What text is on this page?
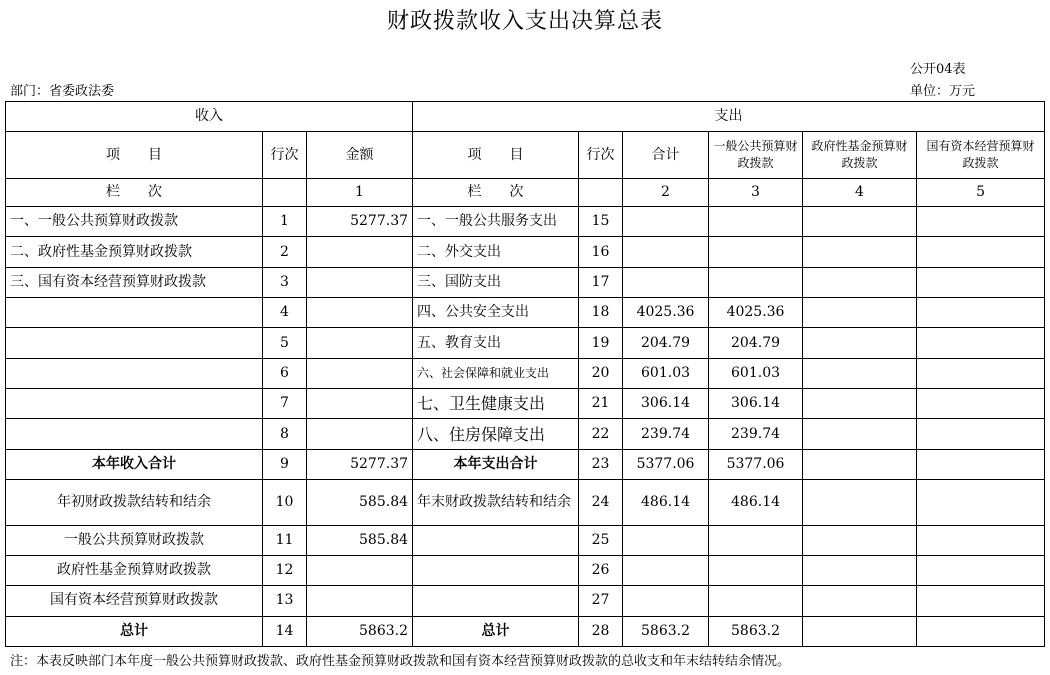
财政拨款收入支出决算总表
公开04表
部门：省委政法委	单位：万元
收入			支出					
项　　目	行次	金额	项　　目	行次	合计	一般公共预算财政拨款	政府性基金预算财政拨款	国有资本经营预算财政拨款
栏　　次		1	栏　　次		2	3	4	5
一、一般公共预算财政拨款	1	5277.37	一、一般公共服务支出	15				
二、政府性基金预算财政拨款	2		二、外交支出	16				
三、国有资本经营预算财政拨款	3		三、国防支出	17				
	4		四、公共安全支出	18	4025.36	4025.36		
	5		五、教育支出	19	204.79	204.79		
	6		六、社会保障和就业支出	20	601.03	601.03		
	7		七、卫生健康支出	21	306.14	306.14		
	8		八、住房保障支出	22	239.74	239.74		
本年收入合计	9	5277.37	本年支出合计	23	5377.06	5377.06		
年初财政拨款结转和结余	10	585.84	年末财政拨款结转和结余	24	486.14	486.14		
一般公共预算财政拨款	11	585.84		25				
政府性基金预算财政拨款	12			26				
国有资本经营预算财政拨款	13			27				
总计	14	5863.2	总计	28	5863.2	5863.2		
注：本表反映部门本年度一般公共预算财政拨款、政府性基金预算财政拨款和国有资本经营预算财政拨款的总收支和年末结转结余情况。
